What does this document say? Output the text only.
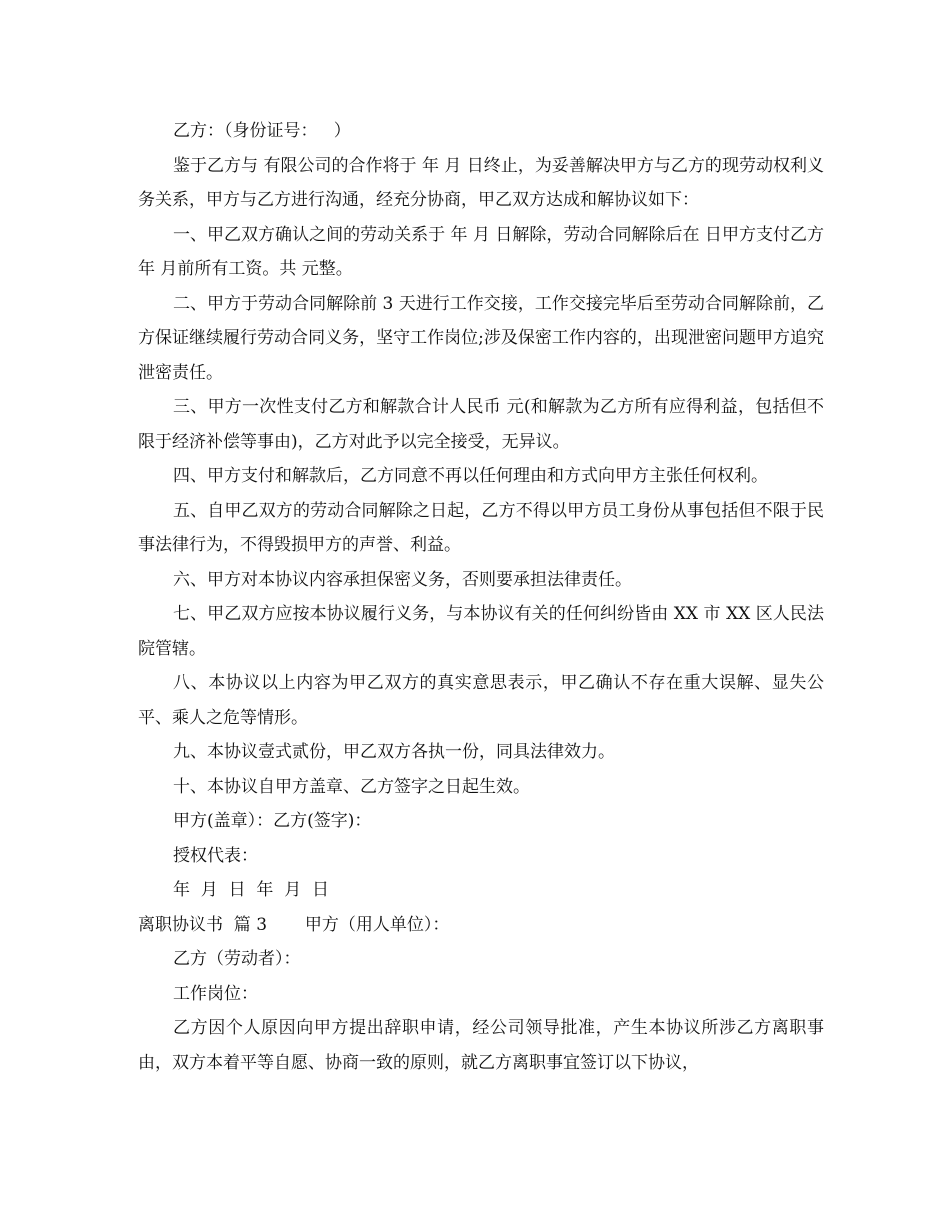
乙方：（身份证号：   ）

鉴于乙方与 有限公司的合作将于 年 月 日终止，为妥善解决甲方与乙方的现劳动权利义务关系，甲方与乙方进行沟通，经充分协商，甲乙双方达成和解协议如下：

一、甲乙双方确认之间的劳动关系于 年 月 日解除，劳动合同解除后在 日甲方支付乙方 年 月前所有工资。共 元整。

二、甲方于劳动合同解除前 3 天进行工作交接，工作交接完毕后至劳动合同解除前，乙方保证继续履行劳动合同义务，坚守工作岗位;涉及保密工作内容的，出现泄密问题甲方追究泄密责任。

三、甲方一次性支付乙方和解款合计人民币 元(和解款为乙方所有应得利益，包括但不限于经济补偿等事由)，乙方对此予以完全接受，无异议。

四、甲方支付和解款后，乙方同意不再以任何理由和方式向甲方主张任何权利。

五、自甲乙双方的劳动合同解除之日起，乙方不得以甲方员工身份从事包括但不限于民事法律行为，不得毁损甲方的声誉、利益。

六、甲方对本协议内容承担保密义务，否则要承担法律责任。

七、甲乙双方应按本协议履行义务，与本协议有关的任何纠纷皆由 XX 市 XX 区人民法院管辖。

八、本协议以上内容为甲乙双方的真实意思表示，甲乙确认不存在重大误解、显失公平、乘人之危等情形。

九、本协议壹式贰份，甲乙双方各执一份，同具法律效力。

十、本协议自甲方盖章、乙方签字之日起生效。

甲方(盖章）：乙方(签字)：

授权代表：

年  月  日  年  月  日

离职协议书  篇 3       甲方（用人单位）：

乙方（劳动者）：

工作岗位：

乙方因个人原因向甲方提出辞职申请，经公司领导批准，产生本协议所涉乙方离职事由，双方本着平等自愿、协商一致的原则，就乙方离职事宜签订以下协议，
